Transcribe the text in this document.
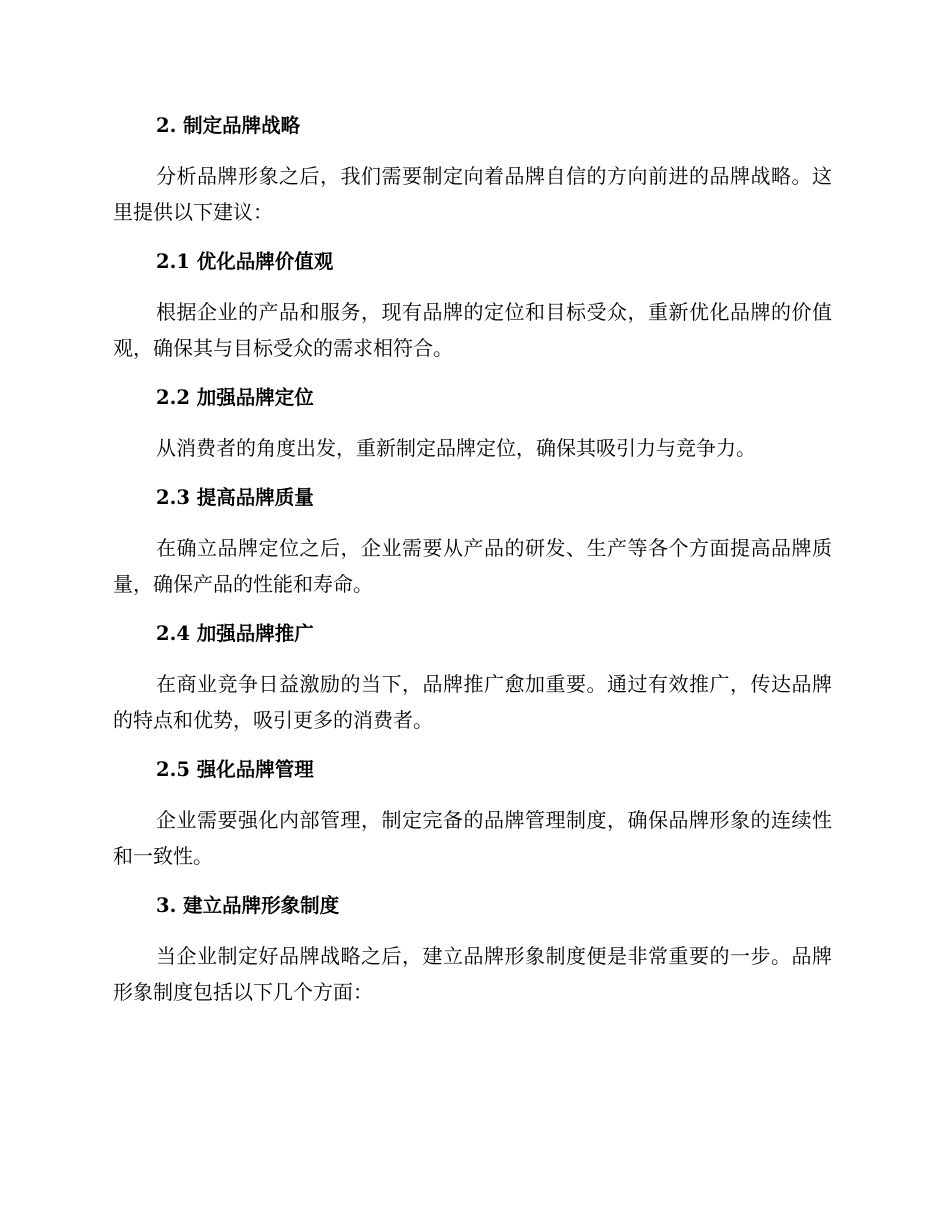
2. 制定品牌战略

分析品牌形象之后，我们需要制定向着品牌自信的方向前进的品牌战略。这里提供以下建议：

2.1 优化品牌价值观

根据企业的产品和服务，现有品牌的定位和目标受众，重新优化品牌的价值观，确保其与目标受众的需求相符合。

2.2 加强品牌定位

从消费者的角度出发，重新制定品牌定位，确保其吸引力与竞争力。

2.3 提高品牌质量

在确立品牌定位之后，企业需要从产品的研发、生产等各个方面提高品牌质量，确保产品的性能和寿命。

2.4 加强品牌推广

在商业竞争日益激励的当下，品牌推广愈加重要。通过有效推广，传达品牌的特点和优势，吸引更多的消费者。

2.5 强化品牌管理

企业需要强化内部管理，制定完备的品牌管理制度，确保品牌形象的连续性和一致性。

3. 建立品牌形象制度

当企业制定好品牌战略之后，建立品牌形象制度便是非常重要的一步。品牌形象制度包括以下几个方面：
